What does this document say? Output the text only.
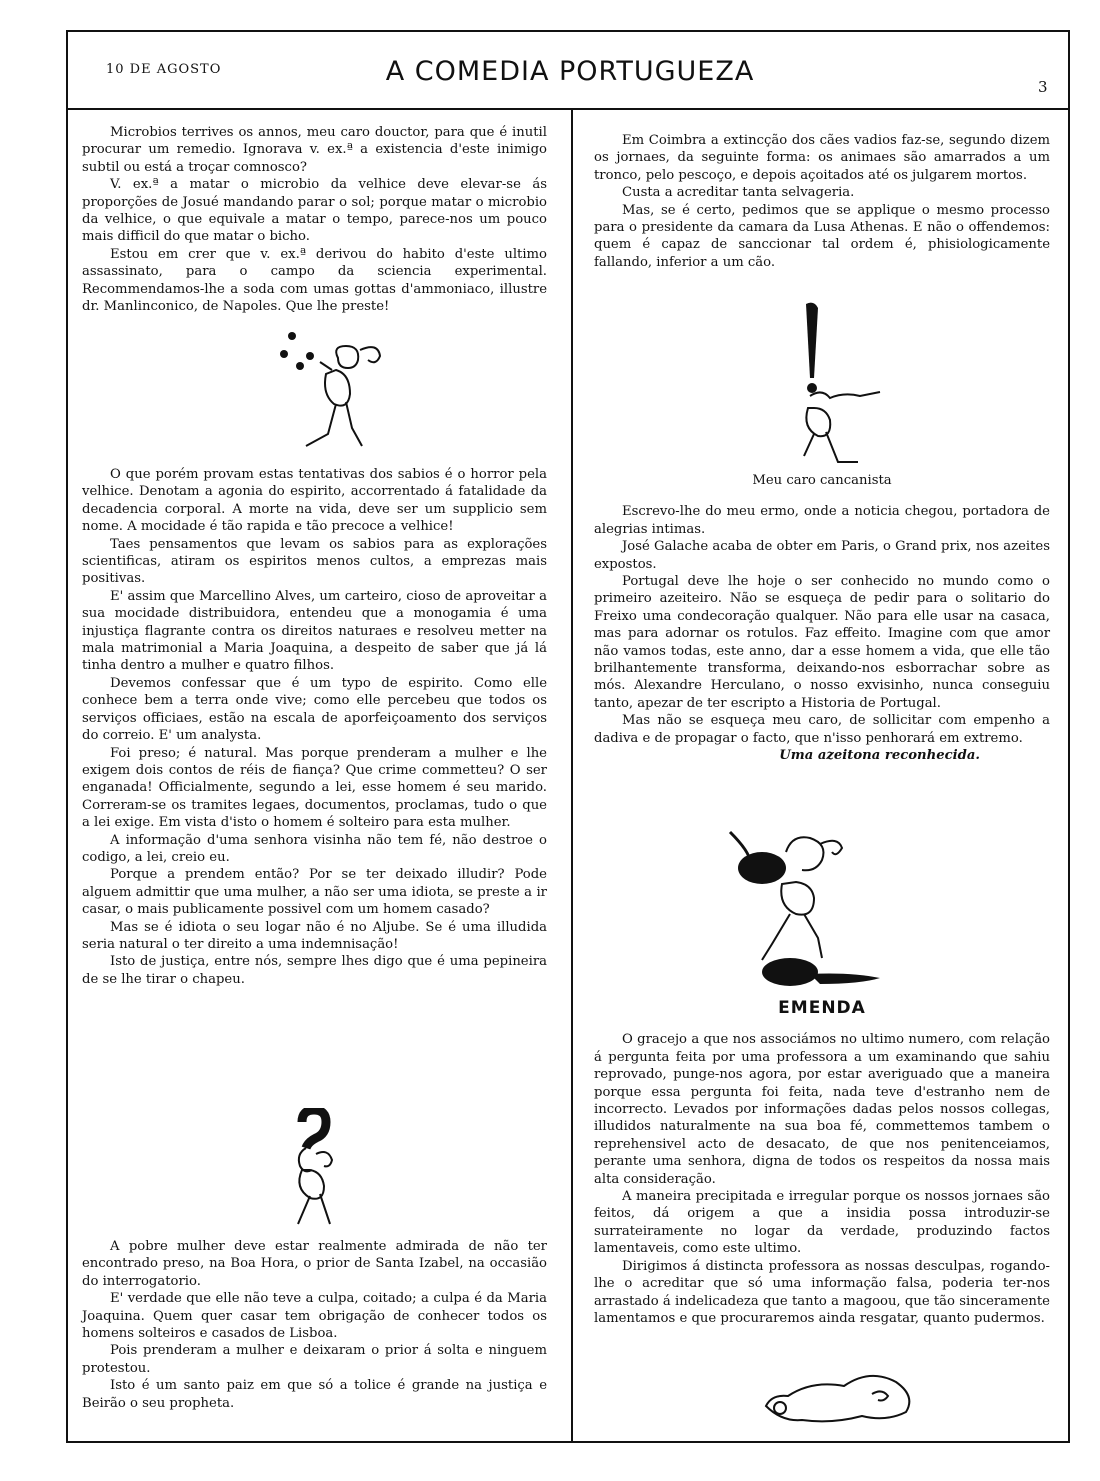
10 DE AGOSTO	A COMEDIA PORTUGUEZA	3

Microbios terrives os annos, meu caro douctor, para que é inutil procurar um remedio. Ignorava v. ex.ª a existencia d'este inimigo subtil ou está a troçar comnosco?

V. ex.ª a matar o microbio da velhice deve elevar-se ás proporções de Josué mandando parar o sol; porque matar o microbio da velhice, o que equivale a matar o tempo, parece-nos um pouco mais difficil do que matar o bicho.

Estou em crer que v. ex.ª derivou do habito d'este ultimo assassinato, para o campo da sciencia experimental. Recommendamos-lhe a soda com umas gottas d'ammoniaco, illustre dr. Manlinconico, de Napoles. Que lhe preste!

O que porém provam estas tentativas dos sabios é o horror pela velhice. Denotam a agonia do espirito, accorrentado á fatalidade da decadencia corporal. A morte na vida, deve ser um supplicio sem nome. A mocidade é tão rapida e tão precoce a velhice!

Taes pensamentos que levam os sabios para as explorações scientificas, atiram os espiritos menos cultos, a emprezas mais positivas.

E' assim que Marcellino Alves, um carteiro, cioso de aproveitar a sua mocidade distribuidora, entendeu que a monogamia é uma injustiça flagrante contra os direitos naturaes e resolveu metter na mala matrimonial a Maria Joaquina, a despeito de saber que já lá tinha dentro a mulher e quatro filhos.

Devemos confessar que é um typo de espirito. Como elle conhece bem a terra onde vive; como elle percebeu que todos os serviços officiaes, estão na escala de aporfeiçoamento dos serviços do correio. E' um analysta.

Foi preso; é natural. Mas porque prenderam a mulher e lhe exigem dois contos de réis de fiança? Que crime commetteu? O ser enganada! Officialmente, segundo a lei, esse homem é seu marido. Correram-se os tramites legaes, documentos, proclamas, tudo o que a lei exige. Em vista d'isto o homem é solteiro para esta mulher.

A informação d'uma senhora visinha não tem fé, não destroe o codigo, a lei, creio eu.

Porque a prendem então? Por se ter deixado illudir? Pode alguem admittir que uma mulher, a não ser uma idiota, se preste a ir casar, o mais publicamente possivel com um homem casado?

Mas se é idiota o seu logar não é no Aljube. Se é uma illudida seria natural o ter direito a uma indemnisação!

Isto de justiça, entre nós, sempre lhes digo que é uma pepineira de se lhe tirar o chapeu.

A pobre mulher deve estar realmente admirada de não ter encontrado preso, na Boa Hora, o prior de Santa Izabel, na occasião do interrogatorio.

E' verdade que elle não teve a culpa, coitado; a culpa é da Maria Joaquina. Quem quer casar tem obrigação de conhecer todos os homens solteiros e casados de Lisboa.

Pois prenderam a mulher e deixaram o prior á solta e ninguem protestou.

Isto é um santo paiz em que só a tolice é grande na justiça e Beirão o seu propheta.

Em Coimbra a extincção dos cães vadios faz-se, segundo dizem os jornaes, da seguinte forma: os animaes são amarrados a um tronco, pelo pescoço, e depois açoitados até os julgarem mortos.

Custa a acreditar tanta selvageria.

Mas, se é certo, pedimos que se applique o mesmo processo para o presidente da camara da Lusa Athenas. E não o offendemos: quem é capaz de sanccionar tal ordem é, phisiologicamente fallando, inferior a um cão.

Meu caro cancanista

Escrevo-lhe do meu ermo, onde a noticia chegou, portadora de alegrias intimas.

José Galache acaba de obter em Paris, o Grand prix, nos azeites expostos.

Portugal deve lhe hoje o ser conhecido no mundo como o primeiro azeiteiro. Não se esqueça de pedir para o solitario do Freixo uma condecoração qualquer. Não para elle usar na casaca, mas para adornar os rotulos. Faz effeito. Imagine com que amor não vamos todas, este anno, dar a esse homem a vida, que elle tão brilhantemente transforma, deixando-nos esborrachar sobre as mós. Alexandre Herculano, o nosso exvisinho, nunca conseguiu tanto, apezar de ter escripto a Historia de Portugal.

Mas não se esqueça meu caro, de sollicitar com empenho a dadiva e de propagar o facto, que n'isso penhorará em extremo.

Uma azeitona reconhecida.

EMENDA

O gracejo a que nos associámos no ultimo numero, com relação á pergunta feita por uma professora a um examinando que sahiu reprovado, punge-nos agora, por estar averiguado que a maneira porque essa pergunta foi feita, nada teve d'estranho nem de incorrecto. Levados por informações dadas pelos nossos collegas, illudidos naturalmente na sua boa fé, commettemos tambem o reprehensivel acto de desacato, de que nos penitenceiamos, perante uma senhora, digna de todos os respeitos da nossa mais alta consideração.

A maneira precipitada e irregular porque os nossos jornaes são feitos, dá origem a que a insidia possa introduzir-se surrateiramente no logar da verdade, produzindo factos lamentaveis, como este ultimo.

Dirigimos á distincta professora as nossas desculpas, rogando-lhe o acreditar que só uma informação falsa, poderia ter-nos arrastado á indelicadeza que tanto a magoou, que tão sinceramente lamentamos e que procuraremos ainda resgatar, quanto pudermos.
